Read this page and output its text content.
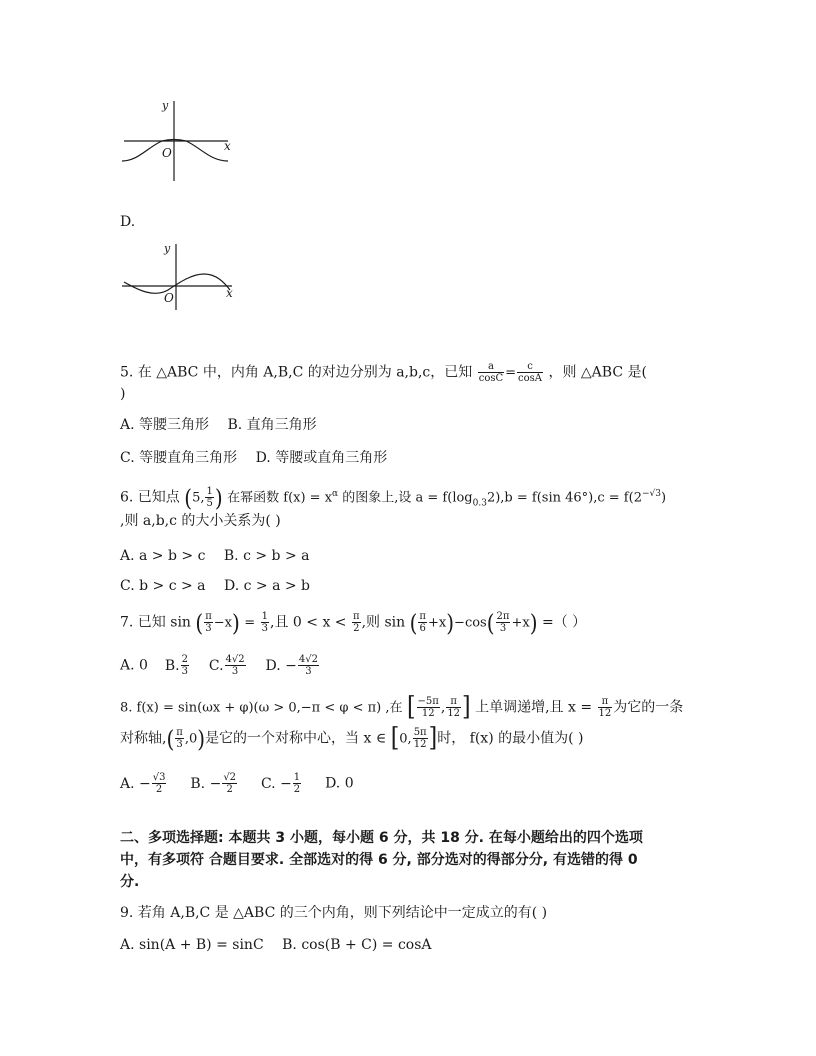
y
x
O
D.
y
x
O
5. 在 △ABC 中，内角 A,B,C 的对边分别为 a,b,c，已知 $\frac{a}{\cos C} = \frac{c}{\cos A}$ ，则 △ABC 是(
)
A. 等腰三角形 B. 直角三角形
C. 等腰直角三角形 D. 等腰或直角三角形
6. 已知点 (5, $\frac{1}{5}$ ) 在幂函数 $f(x) = x^\alpha$ 的图象上,设 $a = f(\log_{0.3}2),b = f(\sin$ $46^\circ),c = f(2^{-√3})$
,则 a,b,c 的大小关系为( )
A. a > b > c B. c > b > a
C. b > c > a D. c > a > b
7. 已知 sin ( $\frac{\pi}{3} -x) = \frac{1}{3}$ ,且 $0 < x < \frac{\pi}{2}$ ,则 sin ( $\frac{\pi}{6} +x)-\cos( \frac{2\pi}{3} +x)$ =（ ）
A. 0 B. $\frac{2}{3} C$. $\frac{4√2}{3} D$. − $\frac{4√2}{3}$
8. f(x) = sin(ωx + φ)(ω > 0,−π < φ < π) ,在 [ $\frac{-5\pi}{12}$ , $\frac{\pi}{12}$ ] 上单调递增,且 $x = \frac{\pi}{12}$ 为它的一条
对称轴,( $\frac{\pi}{3} ,0$)是它的一个对称中心，当 x ∈ [0, $\frac{5\pi}{12}$ ]时， f(x) 的最小值为( )
A. − $\frac{√3}{2} B$. − $\frac{√2}{2} C$. − $\frac{1}{2} D$. 0
二、多项选择题: 本题共 3 小题，每小题 6 分，共 18 分. 在每小题给出的四个选项
中，有多项符 合题目要求. 全部选对的得 6 分, 部分选对的得部分分, 有选错的得 0
分.
9. 若角 A,B,C 是 △ABC 的三个内角，则下列结论中一定成立的有( )
A. sin(A + B) = sinC B. cos(B + C) = cosA
